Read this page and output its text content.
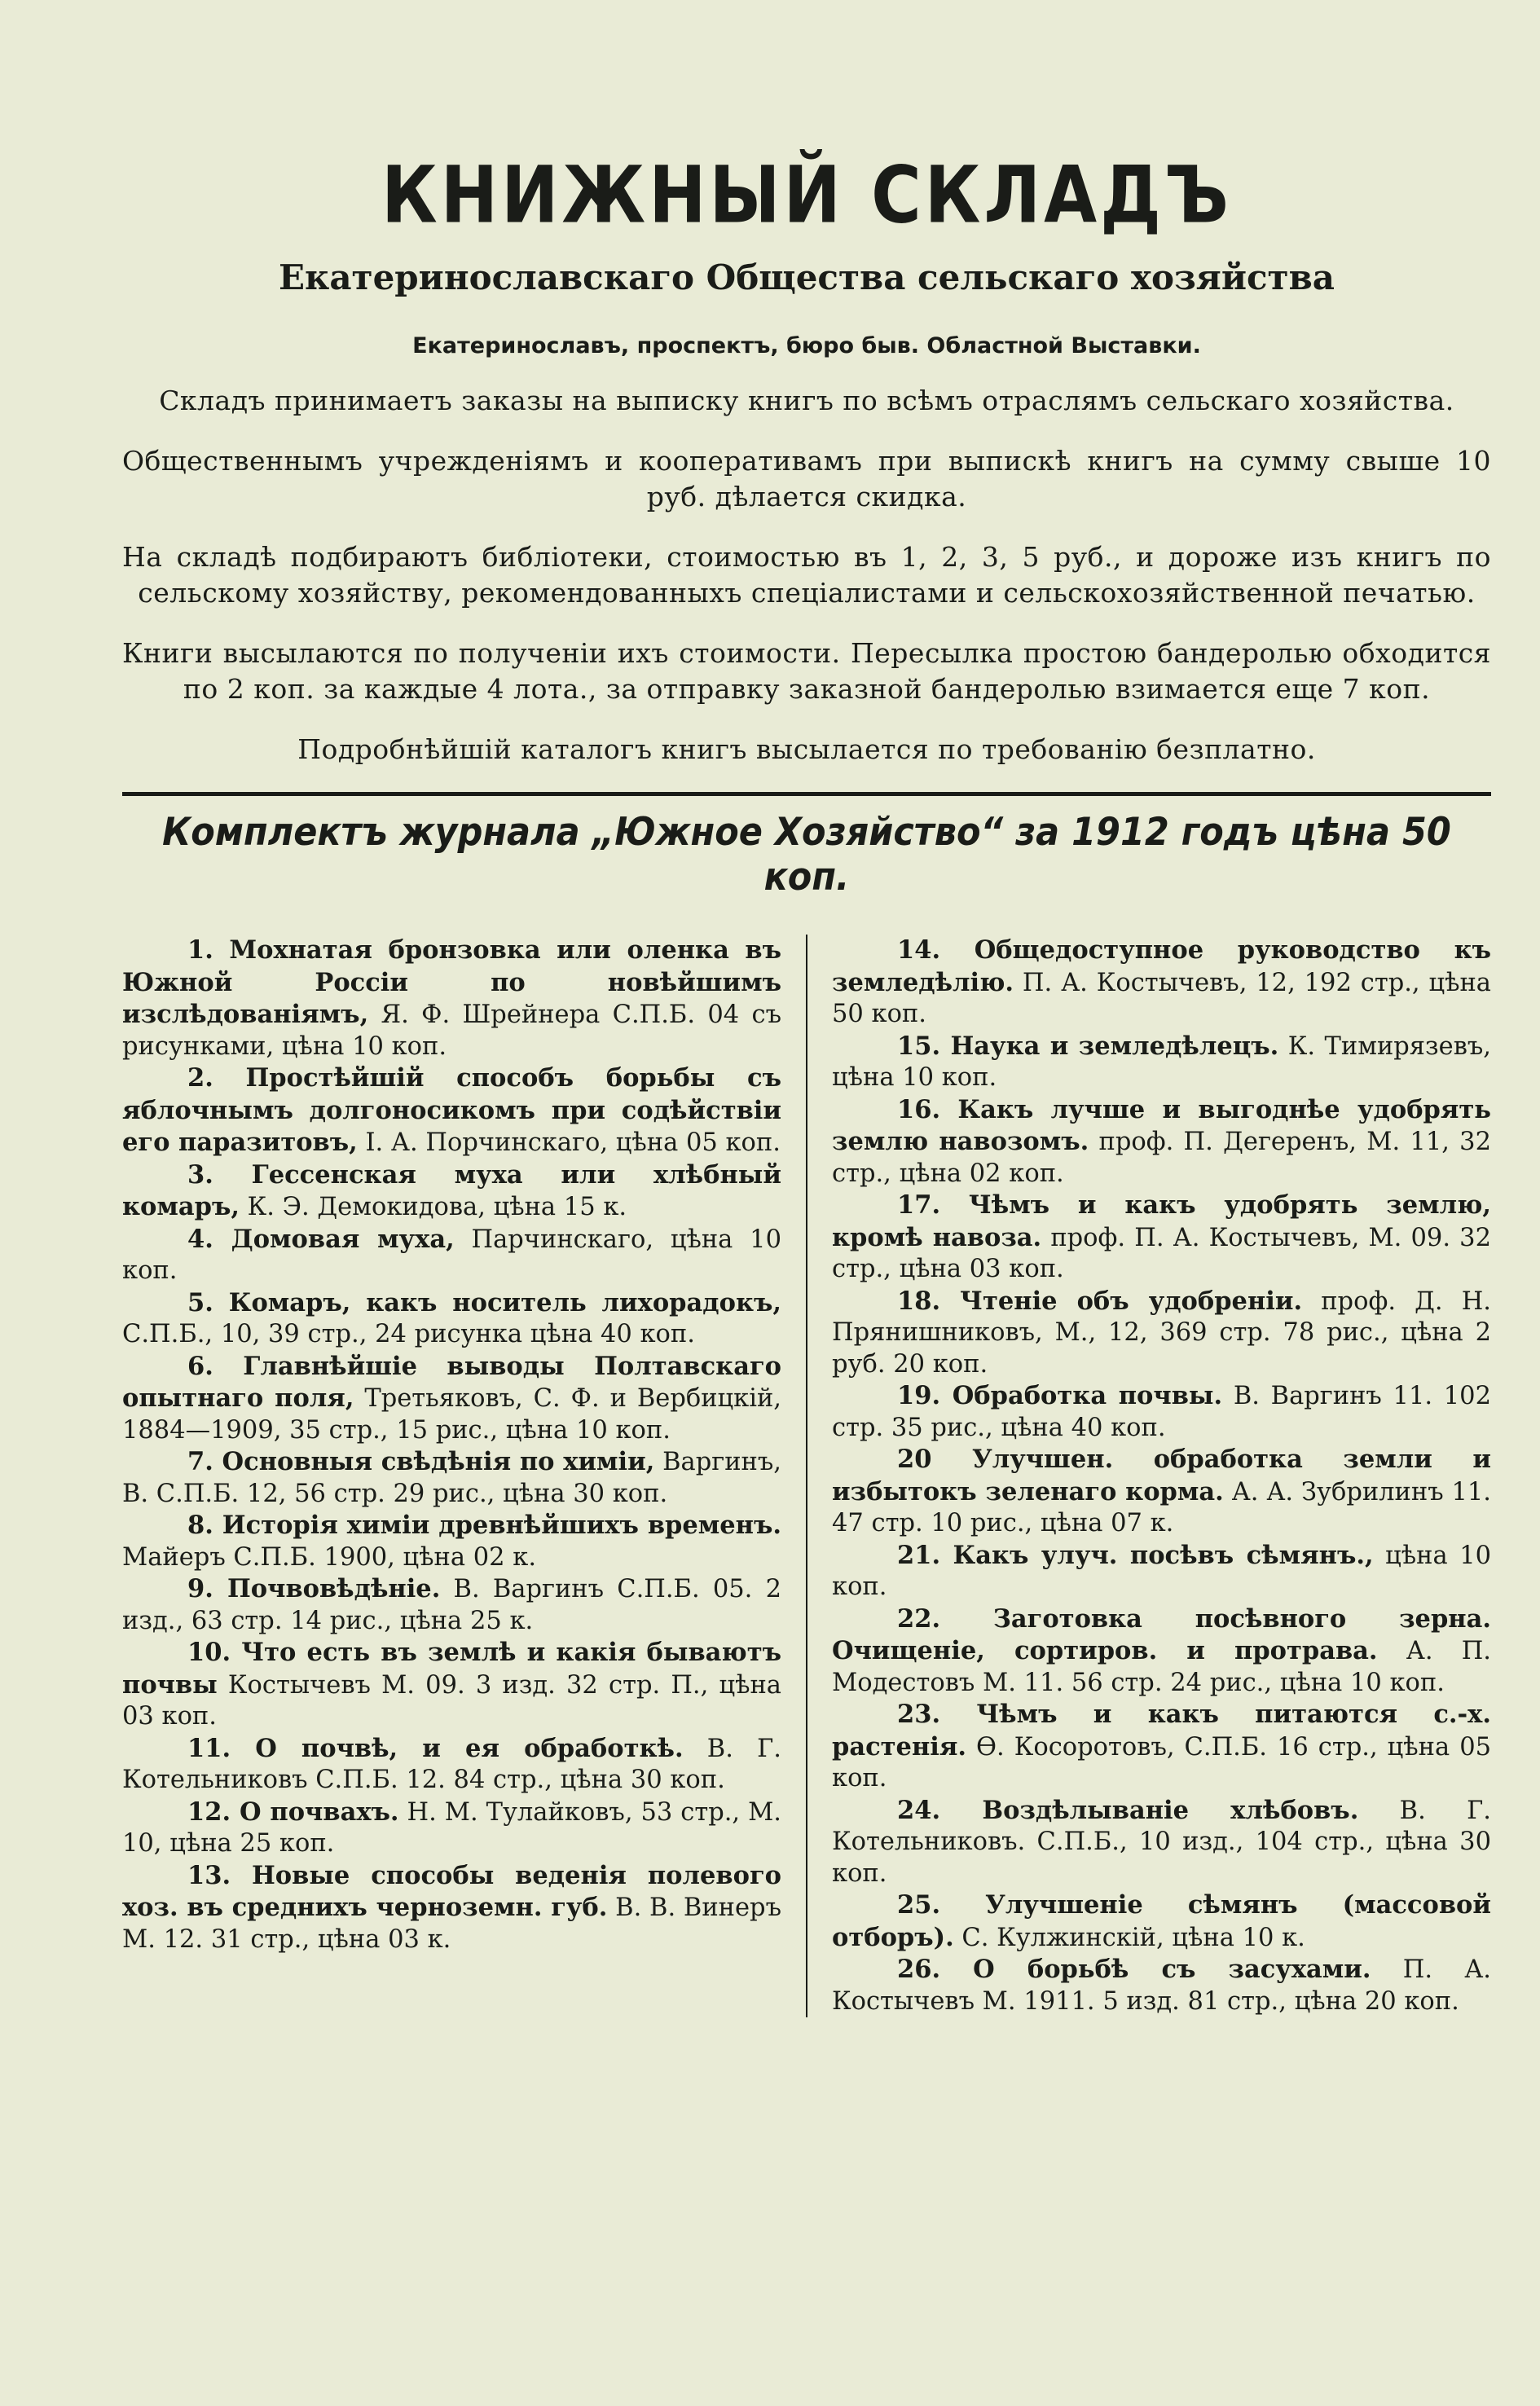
КНИЖНЫЙ СКЛАДЪ
Екатеринославскаго Общества сельскаго хозяйства
Екатеринославъ, проспектъ, бюро быв. Областной Выставки.

Складъ принимаетъ заказы на выписку книгъ по всѣмъ отраслямъ сельскаго хозяйства.

Общественнымъ учрежденіямъ и кооперативамъ при выпискѣ книгъ на сумму свыше 10 руб. дѣлается скидка.

На складѣ подбираютъ библіотеки, стоимостью въ 1, 2, 3, 5 руб., и дороже изъ книгъ по сельскому хозяйству, рекомендованныхъ спеціалистами и сельскохозяйственной печатью.

Книги высылаются по полученіи ихъ стоимости. Пересылка простою бандеролью обходится по 2 коп. за каждые 4 лота., за отправку заказной бандеролью взимается еще 7 коп.

Подробнѣйшій каталогъ книгъ высылается по требованію безплатно.

Комплектъ журнала „Южное Хозяйство“ за 1912 годъ цѣна 50 коп.

1. Мохнатая бронзовка или оленка въ Южной Россіи по новѣйшимъ изслѣдованіямъ, Я. Ф. Шрейнера С.П.Б. 04 съ рисунками, цѣна 10 коп.

2. Простѣйшій способъ борьбы съ яблочнымъ долгоносикомъ при содѣйствіи его паразитовъ, І. А. Порчинскаго, цѣна 05 коп.

3. Гессенская муха или хлѣбный комаръ, К. Э. Демокидова, цѣна 15 к.

4. Домовая муха, Парчинскаго, цѣна 10 коп.

5. Комаръ, какъ носитель лихорадокъ, С.П.Б., 10, 39 стр., 24 рисунка цѣна 40 коп.

6. Главнѣйшіе выводы Полтавскаго опытнаго поля, Третьяковъ, С. Ф. и Вербицкій, 1884—1909, 35 стр., 15 рис., цѣна 10 коп.

7. Основныя свѣдѣнія по химіи, Варгинъ, В. С.П.Б. 12, 56 стр. 29 рис., цѣна 30 коп.

8. Исторія химіи древнѣйшихъ временъ. Майеръ С.П.Б. 1900, цѣна 02 к.

9. Почвовѣдѣніе. В. Варгинъ С.П.Б. 05. 2 изд., 63 стр. 14 рис., цѣна 25 к.

10. Что есть въ землѣ и какія бываютъ почвы Костычевъ М. 09. 3 изд. 32 стр. П., цѣна 03 коп.

11. О почвѣ, и ея обработкѣ. В. Г. Котельниковъ С.П.Б. 12. 84 стр., цѣна 30 коп.

12. О почвахъ. Н. М. Тулайковъ, 53 стр., М. 10, цѣна 25 коп.

13. Новые способы веденія полевого хоз. въ среднихъ черноземн. губ. В. В. Винеръ М. 12. 31 стр., цѣна 03 к.

14. Общедоступное руководство къ земледѣлію. П. А. Костычевъ, 12, 192 стр., цѣна 50 коп.

15. Наука и земледѣлецъ. К. Тимирязевъ, цѣна 10 коп.

16. Какъ лучше и выгоднѣе удобрять землю навозомъ. проф. П. Дегеренъ, М. 11, 32 стр., цѣна 02 коп.

17. Чѣмъ и какъ удобрять землю, кромѣ навоза. проф. П. А. Костычевъ, М. 09. 32 стр., цѣна 03 коп.

18. Чтеніе объ удобреніи. проф. Д. Н. Прянишниковъ, М., 12, 369 стр. 78 рис., цѣна 2 руб. 20 коп.

19. Обработка почвы. В. Варгинъ 11. 102 стр. 35 рис., цѣна 40 коп.

20 Улучшен. обработка земли и избытокъ зеленаго корма. А. А. Зубрилинъ 11. 47 стр. 10 рис., цѣна 07 к.

21. Какъ улуч. посѣвъ сѣмянъ., цѣна 10 коп.

22. Заготовка посѣвного зерна. Очищеніе, сортиров. и протрава. А. П. Модестовъ М. 11. 56 стр. 24 рис., цѣна 10 коп.

23. Чѣмъ и какъ питаются с.-х. растенія. Ѳ. Косоротовъ, С.П.Б. 16 стр., цѣна 05 коп.

24. Воздѣлываніе хлѣбовъ. В. Г. Котельниковъ. С.П.Б., 10 изд., 104 стр., цѣна 30 коп.

25. Улучшеніе сѣмянъ (массовой отборъ). С. Кулжинскій, цѣна 10 к.

26. О борьбѣ съ засухами. П. А. Костычевъ М. 1911. 5 изд. 81 стр., цѣна 20 коп.
